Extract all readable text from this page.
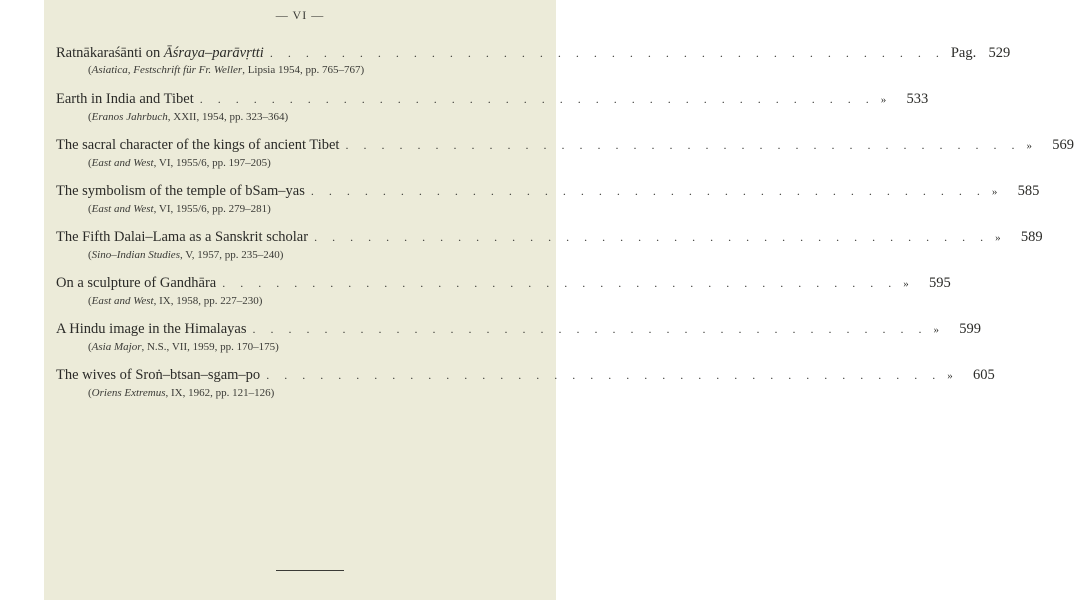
— VI —
Ratnākaraśānti on Āśraya–parāvṛtti . . . . . . . . . . . . . . . . . . . . . . . . . . . . . . . . . . . . . . Pag. 529
(Asiatica, Festschrift für Fr. Weller, Lipsia 1954, pp. 765–767)
Earth in India and Tibet . . . . . . . . . . . . . . . . . . . . . . . . . . . . . . . . . . . . . . »	533
(Eranos Jahrbuch, XXII, 1954, pp. 323–364)
The sacral character of the kings of ancient Tibet . . . . . . . . . . . . . . . . . . . . . . . . . . . . . . . . . . . . . . »	569
(East and West, VI, 1955/6, pp. 197–205)
The symbolism of the temple of bSam–yas . . . . . . . . . . . . . . . . . . . . . . . . . . . . . . . . . . . . . . »	585
(East and West, VI, 1955/6, pp. 279–281)
The Fifth Dalai–Lama as a Sanskrit scholar . . . . . . . . . . . . . . . . . . . . . . . . . . . . . . . . . . . . . . »	589
(Sino–Indian Studies, V, 1957, pp. 235–240)
On a sculpture of Gandhāra . . . . . . . . . . . . . . . . . . . . . . . . . . . . . . . . . . . . . . »	595
(East and West, IX, 1958, pp. 227–230)
A Hindu image in the Himalayas . . . . . . . . . . . . . . . . . . . . . . . . . . . . . . . . . . . . . . »	599
(Asia Major, N.S., VII, 1959, pp. 170–175)
The wives of Sroṅ–btsan–sgam–po . . . . . . . . . . . . . . . . . . . . . . . . . . . . . . . . . . . . . . »	605
(Oriens Extremus, IX, 1962, pp. 121–126)
